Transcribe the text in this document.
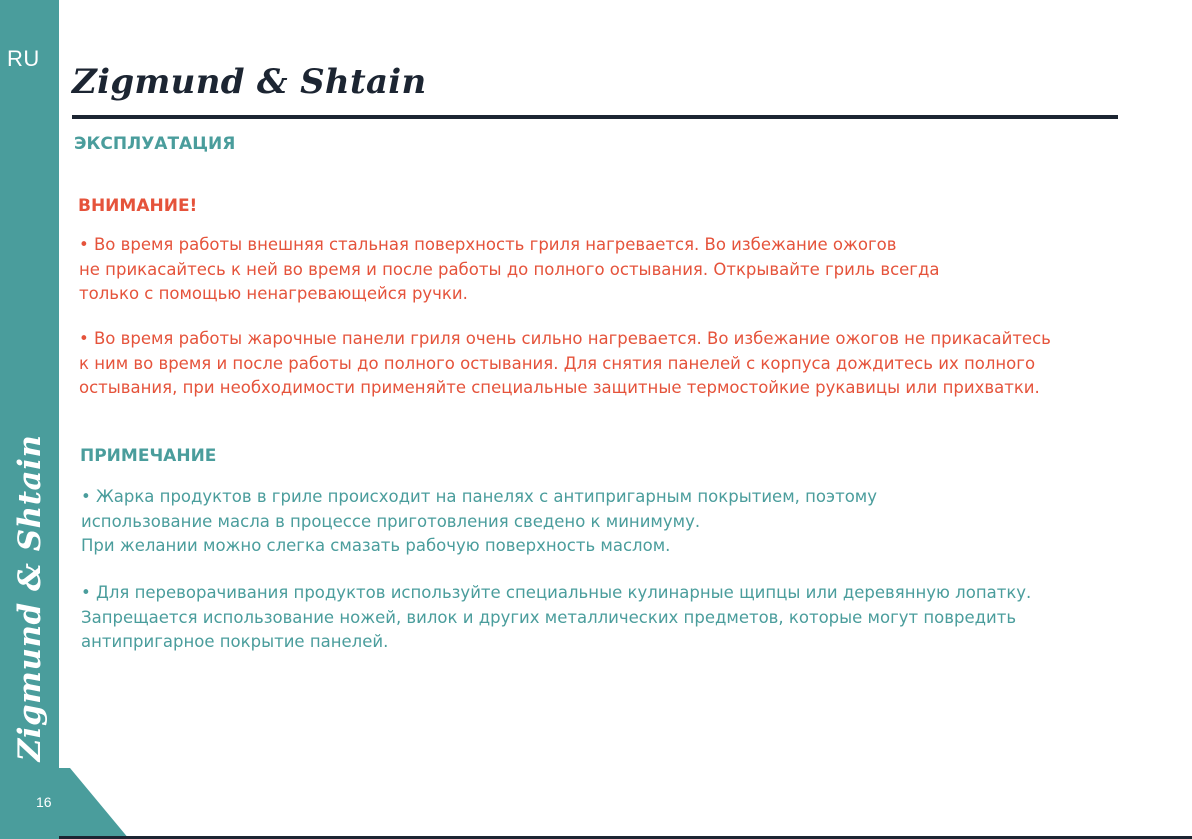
RU
Zigmund & Shtain
16
Zigmund & Shtain
ЭКСПЛУАТАЦИЯ
ВНИМАНИЕ!
• Во время работы внешняя стальная поверхность гриля нагревается. Во избежание ожогов
не прикасайтесь к ней во время и после работы до полного остывания. Открывайте гриль всегда
только с помощью ненагревающейся ручки.
• Во время работы жарочные панели гриля очень сильно нагревается. Во избежание ожогов не прикасайтесь
к ним во время и после работы до полного остывания. Для снятия панелей с корпуса дождитесь их полного
остывания, при необходимости применяйте специальные защитные термостойкие рукавицы или прихватки.
ПРИМЕЧАНИЕ
• Жарка продуктов в гриле происходит на панелях с антипригарным покрытием, поэтому
использование масла в процессе приготовления сведено к минимуму.
При желании можно слегка смазать рабочую поверхность маслом.
• Для переворачивания продуктов используйте специальные кулинарные щипцы или деревянную лопатку.
Запрещается использование ножей, вилок и других металлических предметов, которые могут повредить
антипригарное покрытие панелей.
